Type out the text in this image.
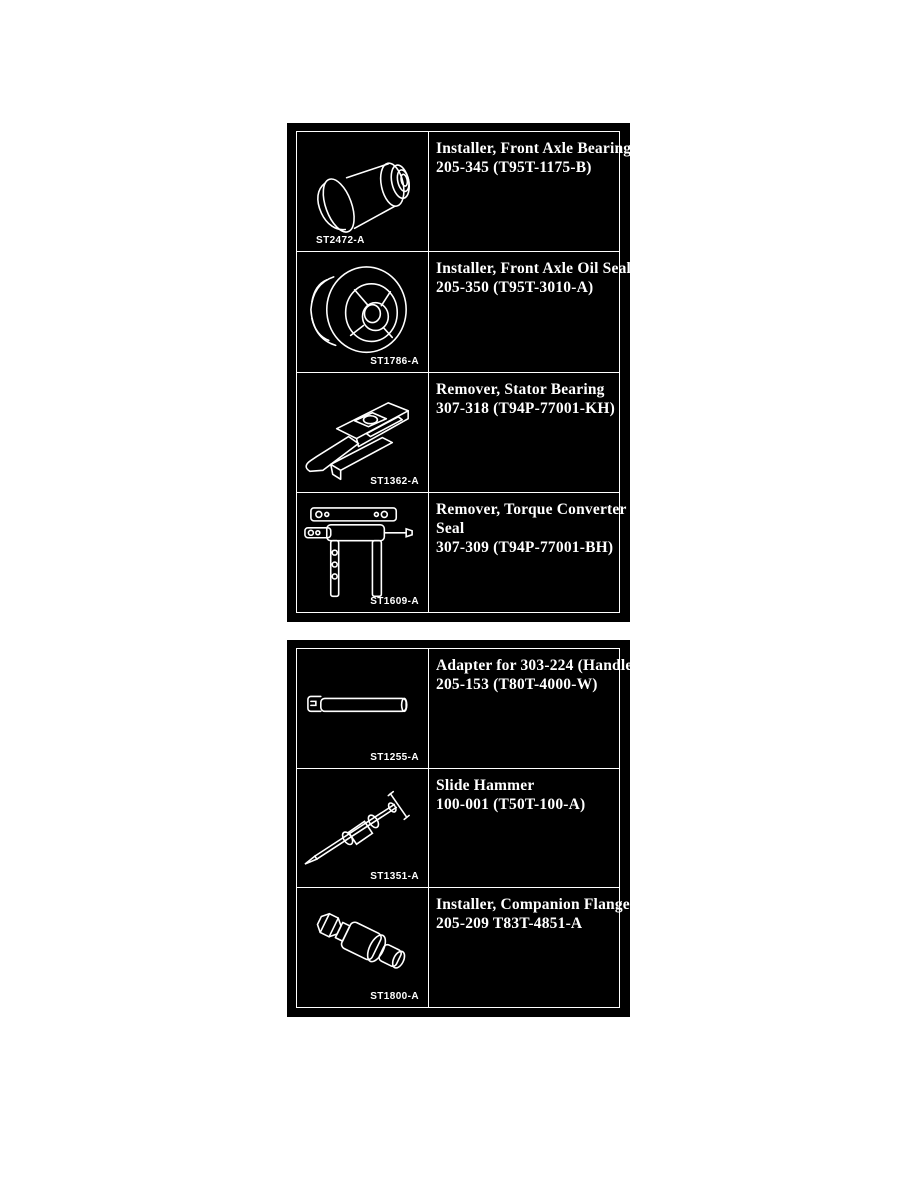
ST2472-A
Installer, Front Axle Bearing
205-345 (T95T-1175-B)
ST1786-A
Installer, Front Axle Oil Seal
205-350 (T95T-3010-A)
ST1362-A
Remover, Stator Bearing
307-318 (T94P-77001-KH)
ST1609-A
Remover, Torque Converter Fluid
Seal
307-309 (T94P-77001-BH)
ST1255-A
Adapter for 303-224 (Handle)
205-153 (T80T-4000-W)
ST1351-A
Slide Hammer
100-001 (T50T-100-A)
ST1800-A
Installer, Companion Flange
205-209 T83T-4851-A
